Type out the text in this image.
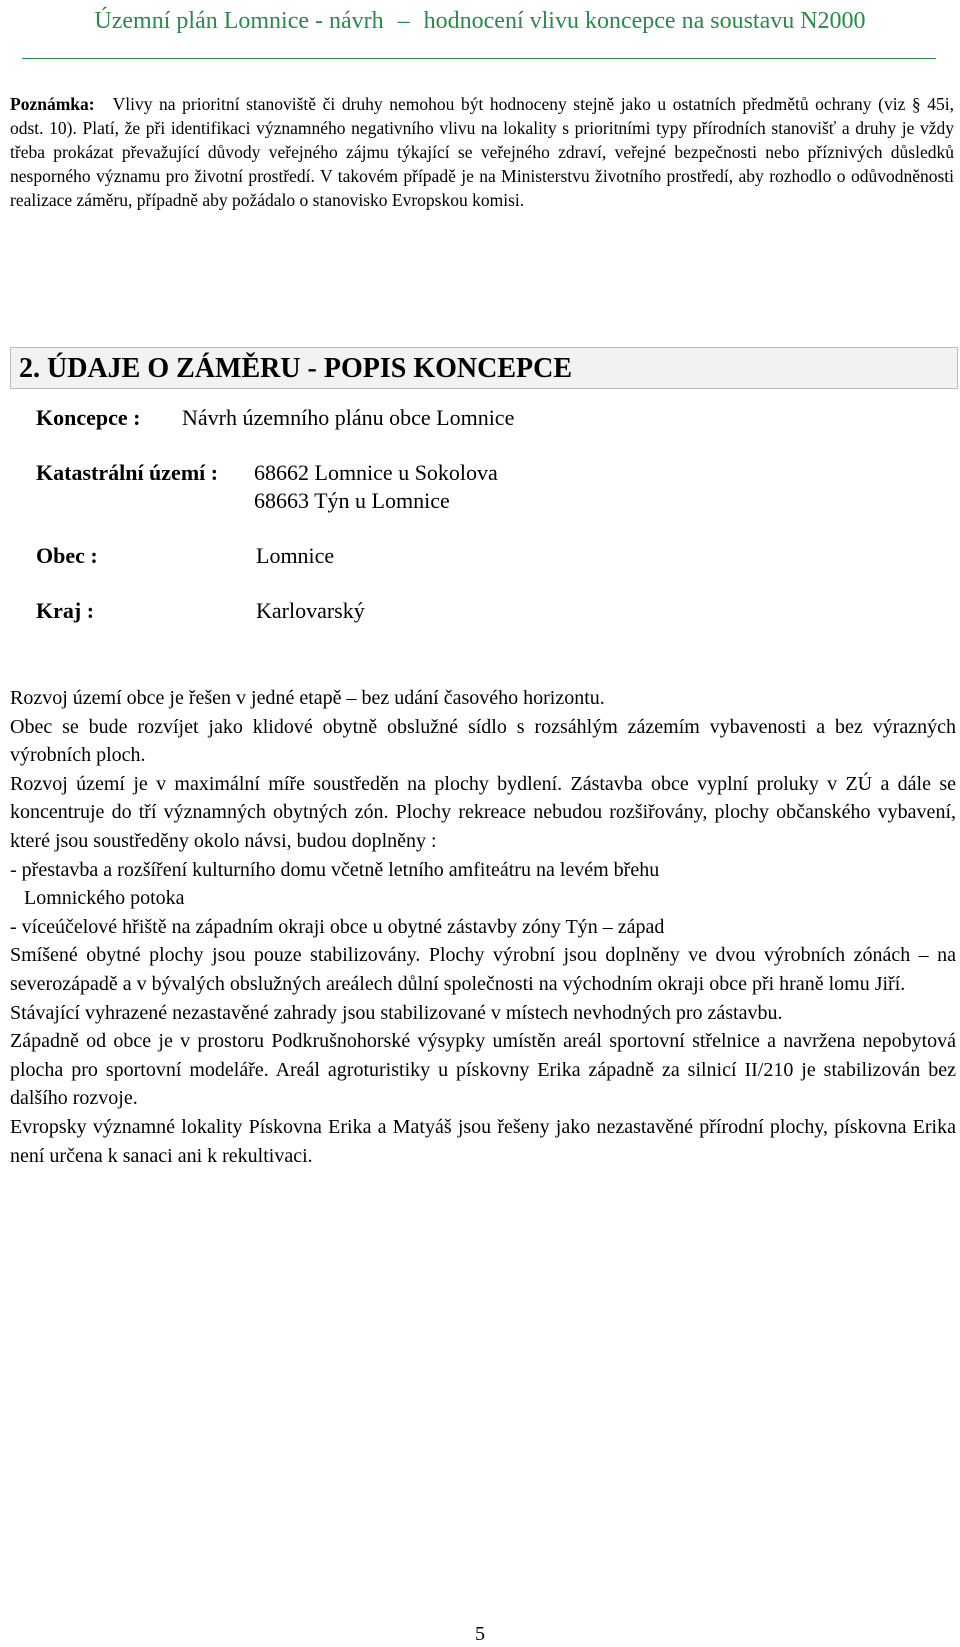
Územní plán Lomnice - návrh – hodnocení vlivu koncepce na soustavu N2000
Poznámka: Vlivy na prioritní stanoviště či druhy nemohou být hodnoceny stejně jako u ostatních předmětů ochrany (viz § 45i, odst. 10). Platí, že při identifikaci významného negativního vlivu na lokality s prioritními typy přírodních stanovišť a druhy je vždy třeba prokázat převažující důvody veřejného zájmu týkající se veřejného zdraví, veřejné bezpečnosti nebo příznivých důsledků nesporného významu pro životní prostředí. V takovém případě je na Ministerstvu životního prostředí, aby rozhodlo o odůvodněnosti realizace záměru, případně aby požádalo o stanovisko Evropskou komisi.
2. ÚDAJE O ZÁMĚRU - POPIS KONCEPCE
Koncepce : Návrh územního plánu obce Lomnice
Katastrální území : 68662 Lomnice u Sokolova
68663 Týn u Lomnice
Obec :	Lomnice
Kraj :	Karlovarský

Rozvoj území obce je řešen v jedné etapě – bez udání časového horizontu.

Obec se bude rozvíjet jako klidové obytně obslužné sídlo s rozsáhlým zázemím vybavenosti a bez výrazných výrobních ploch.

Rozvoj území je v maximální míře soustředěn na plochy bydlení. Zástavba obce vyplní proluky v ZÚ a dále se koncentruje do tří významných obytných zón. Plochy rekreace nebudou rozšiřovány, plochy občanského vybavení, které jsou soustředěny okolo návsi, budou doplněny :

- přestavba a rozšíření kulturního domu včetně letního amfiteátru na levém břehu

Lomnického potoka

- víceúčelové hřiště na západním okraji obce u obytné zástavby zóny Týn – západ

Smíšené obytné plochy jsou pouze stabilizovány. Plochy výrobní jsou doplněny ve dvou výrobních zónách – na severozápadě a v bývalých obslužných areálech důlní společnosti na východním okraji obce při hraně lomu Jiří.

Stávající vyhrazené nezastavěné zahrady jsou stabilizované v místech nevhodných pro zástavbu.

Západně od obce je v prostoru Podkrušnohorské výsypky umístěn areál sportovní střelnice a navržena nepobytová plocha pro sportovní modeláře. Areál agroturistiky u pískovny Erika západně za silnicí II/210 je stabilizován bez dalšího rozvoje.

Evropsky významné lokality Pískovna Erika a Matyáš jsou řešeny jako nezastavěné přírodní plochy, pískovna Erika není určena k sanaci ani k rekultivaci.

5
